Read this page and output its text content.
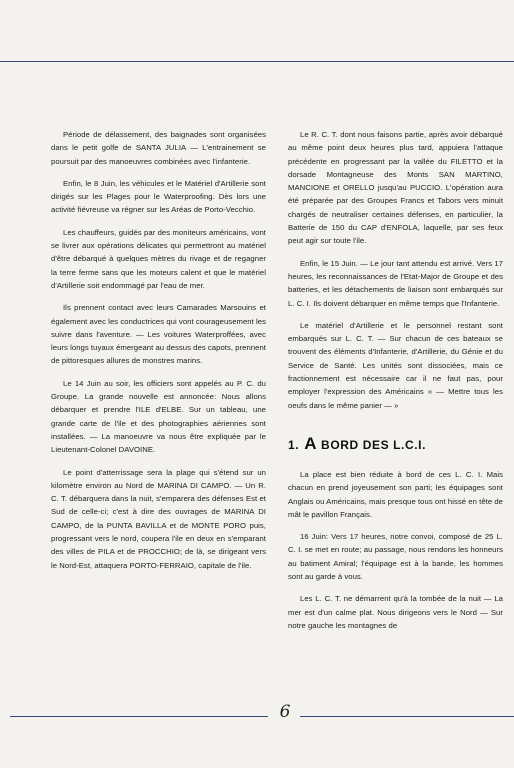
Période de délassement, des baignades sont organisées dans le petit golfe de SANTA JULIA — L'entrainement se poursuit par des manoeuvres combinées avec l'infanterie.

Enfin, le 8 Juin, les véhicules et le Matériel d'Artillerie sont dirigés sur les Plages pour le Waterproofing. Dès lors une activité fiévreuse va régner sur les Aréas de Porto-Vecchio.

Les chauffeurs, guidés par des moniteurs américains, vont se livrer aux opérations délicates qui permettront au matériel d'être débarqué à quelques mètres du rivage et de regagner la terre ferme sans que les moteurs calent et que le matériel d'Artillerie soit endommagé par l'eau de mer.

Ils prennent contact avec leurs Camarades Marsouins et également avec les conductrices qui vont courageusement les suivre dans l'aventure. — Les voitures Waterproffées, avec leurs longs tuyaux émergeant au dessus des capots, prennent de pittoresques allures de monstres marins.

Le 14 Juin au soir, les officiers sont appelés au P. C. du Groupe. La grande nouvelle est annoncée: Nous allons débarquer et prendre l'ILE d'ELBE. Sur un tableau, une grande carte de l'ile et des photographies aériennes sont installées. — La manoeuvre va nous être expliquée par le Lieutenant-Colonel DAVOINE.

Le point d'atterrissage sera la plage qui s'étend sur un kilomètre environ au Nord de MARINA DI CAMPO. — Un R. C. T. débarquera dans la nuit, s'emparera des défenses Est et Sud de celle-ci; c'est à dire des ouvrages de MARINA DI CAMPO, de la PUNTA BAVILLA et de MONTE PORO puis, progressant vers le nord, coupera l'ile en deux en s'emparant des villes de PILA et de PROCCHIO; de là, se dirigeant vers le Nord-Est, attaquera PORTO-FERRAIO, capitale de l'ile.

Le R. C. T. dont nous faisons partie, après avoir débarqué au même point deux heures plus tard, appuiera l'attaque précédente en progressant par la vallée du FILETTO et la dorsade Montagneuse des Monts SAN MARTINO, MANCIONE et ORELLO jusqu'au PUCCIO. L'opération aura été préparée par des Groupes Francs et Tabors vers minuit chargés de neutraliser certaines défenses, en particulier, la Batterie de 150 du CAP d'ENFOLA, laquelle, par ses feux peut agir sur toute l'ile.

Enfin, le 15 Juin. — Le jour tant attendu est arrivé. Vers 17 heures, les reconnaissances de l'Etat-Major de Groupe et des batteries, et les détachements de liaison sont embarqués sur L. C. I. Ils doivent débarquer en même temps que l'Infanterie.

Le matériel d'Artillerie et le personnel restant sont embarqués sur L. C. T. — Sur chacun de ces bateaux se trouvent des éléments d'Infanterie, d'Artillerie, du Génie et du Service de Santé. Les unités sont dissociées, mais ce fractionnement est nécessaire car il ne faut pas, pour employer l'expression des Américains « — Mettre tous les oeufs dans le même panier — »

1. A BORD DES L.C.I.

La place est bien réduite à bord de ces L. C. I. Mais chacun en prend joyeusement son parti; les équipages sont Anglais ou Américains, mais presque tous ont hissé en tête de mât le pavillon Français.

16 Juin: Vers 17 heures, notre convoi, composé de 25 L. C. I. se met en route; au passage, nous rendons les honneurs au batiment Amiral; l'équipage est à la bande, les hommes sont au garde à vous.

Les L. C. T. ne démarrent qu'à la tombée de la nuit — La mer est d'un calme plat. Nous dirigeons vers le Nord — Sur notre gauche les montagnes de

6
